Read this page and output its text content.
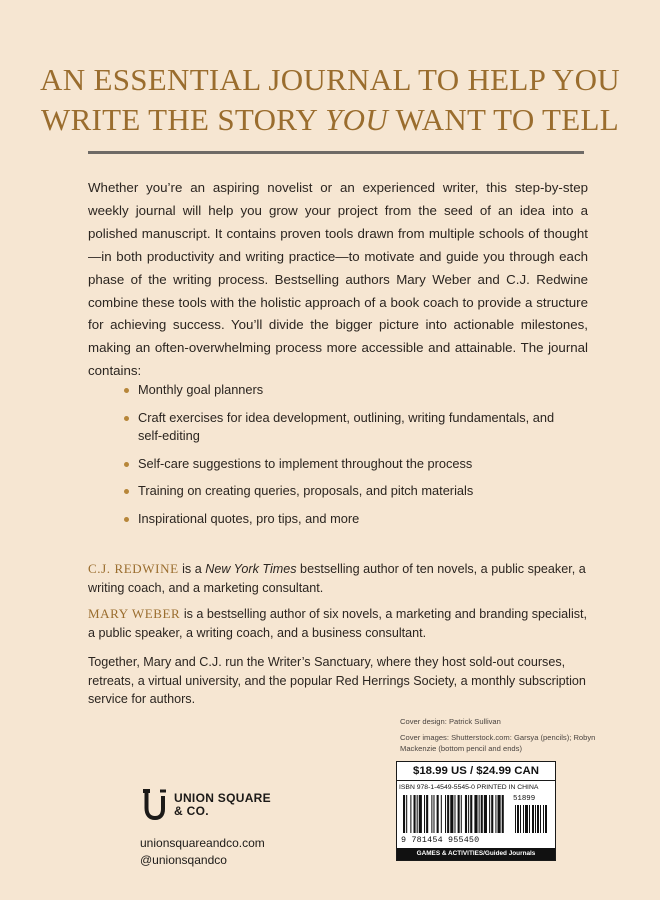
AN ESSENTIAL JOURNAL TO HELP YOU
WRITE THE STORY YOU WANT TO TELL
Whether you’re an aspiring novelist or an experienced writer, this step-by-step weekly journal will help you grow your project from the seed of an idea into a polished manuscript. It contains proven tools drawn from multiple schools of thought—in both productivity and writing practice—to motivate and guide you through each phase of the writing process. Bestselling authors Mary Weber and C.J. Redwine combine these tools with the holistic approach of a book coach to provide a structure for achieving success. You’ll divide the bigger picture into actionable milestones, making an often-overwhelming process more accessible and attainable. The journal contains:
Monthly goal planners
Craft exercises for idea development, outlining, writing fundamentals, and self-editing
Self-care suggestions to implement throughout the process
Training on creating queries, proposals, and pitch materials
Inspirational quotes, pro tips, and more
C.J. REDWINE is a New York Times bestselling author of ten novels, a public speaker, a writing coach, and a marketing consultant.
MARY WEBER is a bestselling author of six novels, a marketing and branding specialist, a public speaker, a writing coach, and a business consultant.
Together, Mary and C.J. run the Writer’s Sanctuary, where they host sold-out courses, retreats, a virtual university, and the popular Red Herrings Society, a monthly subscription service for authors.
Cover design: Patrick Sullivan
Cover images: Shutterstock.com: Garsya (pencils); Robyn Mackenzie (bottom pencil and ends)
UNION SQUARE
& CO.
unionsquareandco.com
@unionsqandco
$18.99 US / $24.99 CAN
ISBN 978-1-4549-5545-0 PRINTED IN CHINA
51899
9 781454 955450
GAMES & ACTIVITIES/Guided Journals
